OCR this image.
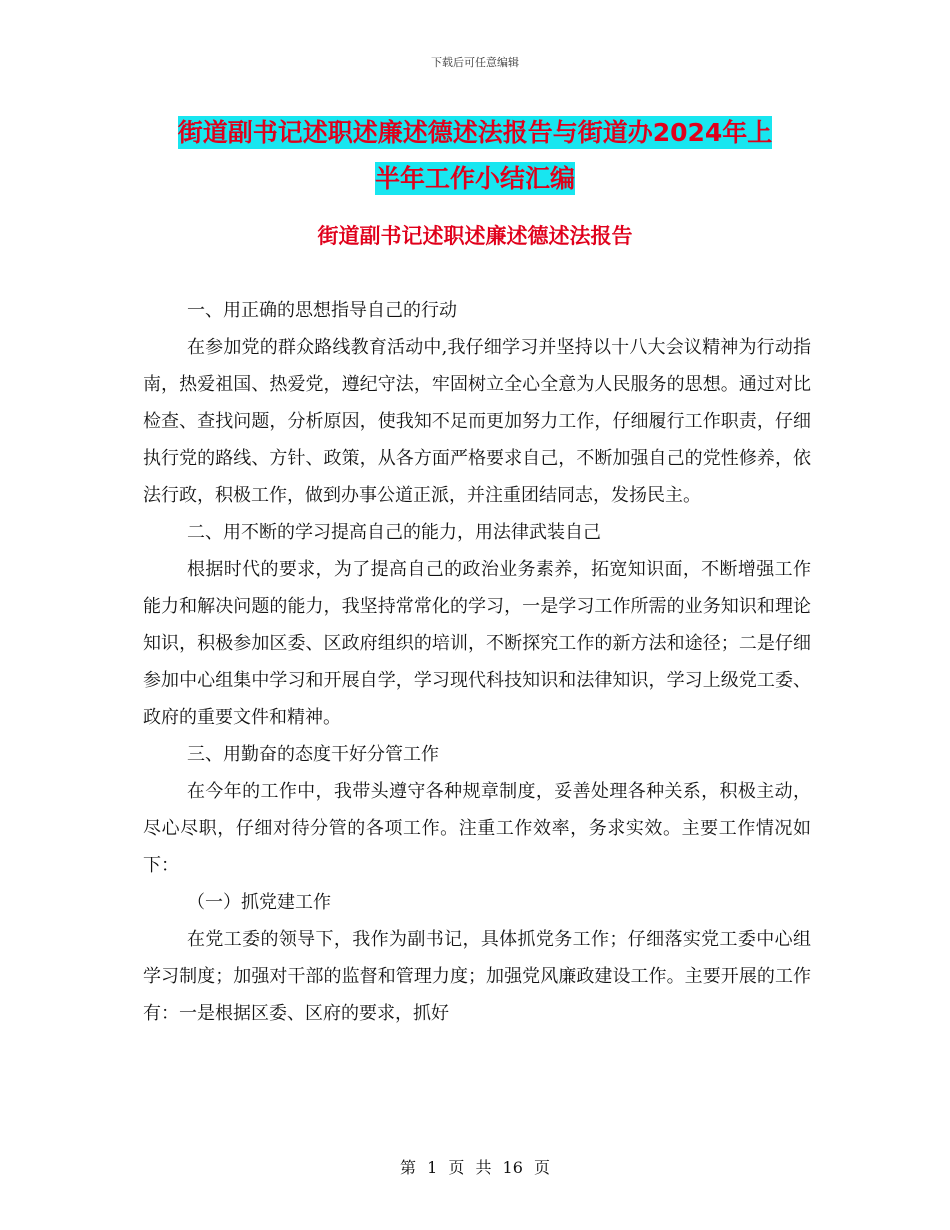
下载后可任意编辑
街道副书记述职述廉述德述法报告与街道办2024年上
半年工作小结汇编
街道副书记述职述廉述德述法报告

一、用正确的思想指导自己的行动

在参加党的群众路线教育活动中,我仔细学习并坚持以十八大会议精神为行动指南，热爱祖国、热爱党，遵纪守法，牢固树立全心全意为人民服务的思想。通过对比检查、查找问题，分析原因，使我知不足而更加努力工作，仔细履行工作职责，仔细执行党的路线、方针、政策，从各方面严格要求自己，不断加强自己的党性修养，依法行政，积极工作，做到办事公道正派，并注重团结同志，发扬民主。

二、用不断的学习提高自己的能力，用法律武装自己

根据时代的要求，为了提高自己的政治业务素养，拓宽知识面，不断增强工作能力和解决问题的能力，我坚持常常化的学习，一是学习工作所需的业务知识和理论知识，积极参加区委、区政府组织的培训，不断探究工作的新方法和途径；二是仔细参加中心组集中学习和开展自学，学习现代科技知识和法律知识，学习上级党工委、政府的重要文件和精神。

三、用勤奋的态度干好分管工作

在今年的工作中，我带头遵守各种规章制度，妥善处理各种关系，积极主动，尽心尽职，仔细对待分管的各项工作。注重工作效率，务求实效。主要工作情况如下：

（一）抓党建工作

在党工委的领导下，我作为副书记，具体抓党务工作；仔细落实党工委中心组学习制度；加强对干部的监督和管理力度；加强党风廉政建设工作。主要开展的工作有：一是根据区委、区府的要求，抓好

第 1 页 共 16 页
